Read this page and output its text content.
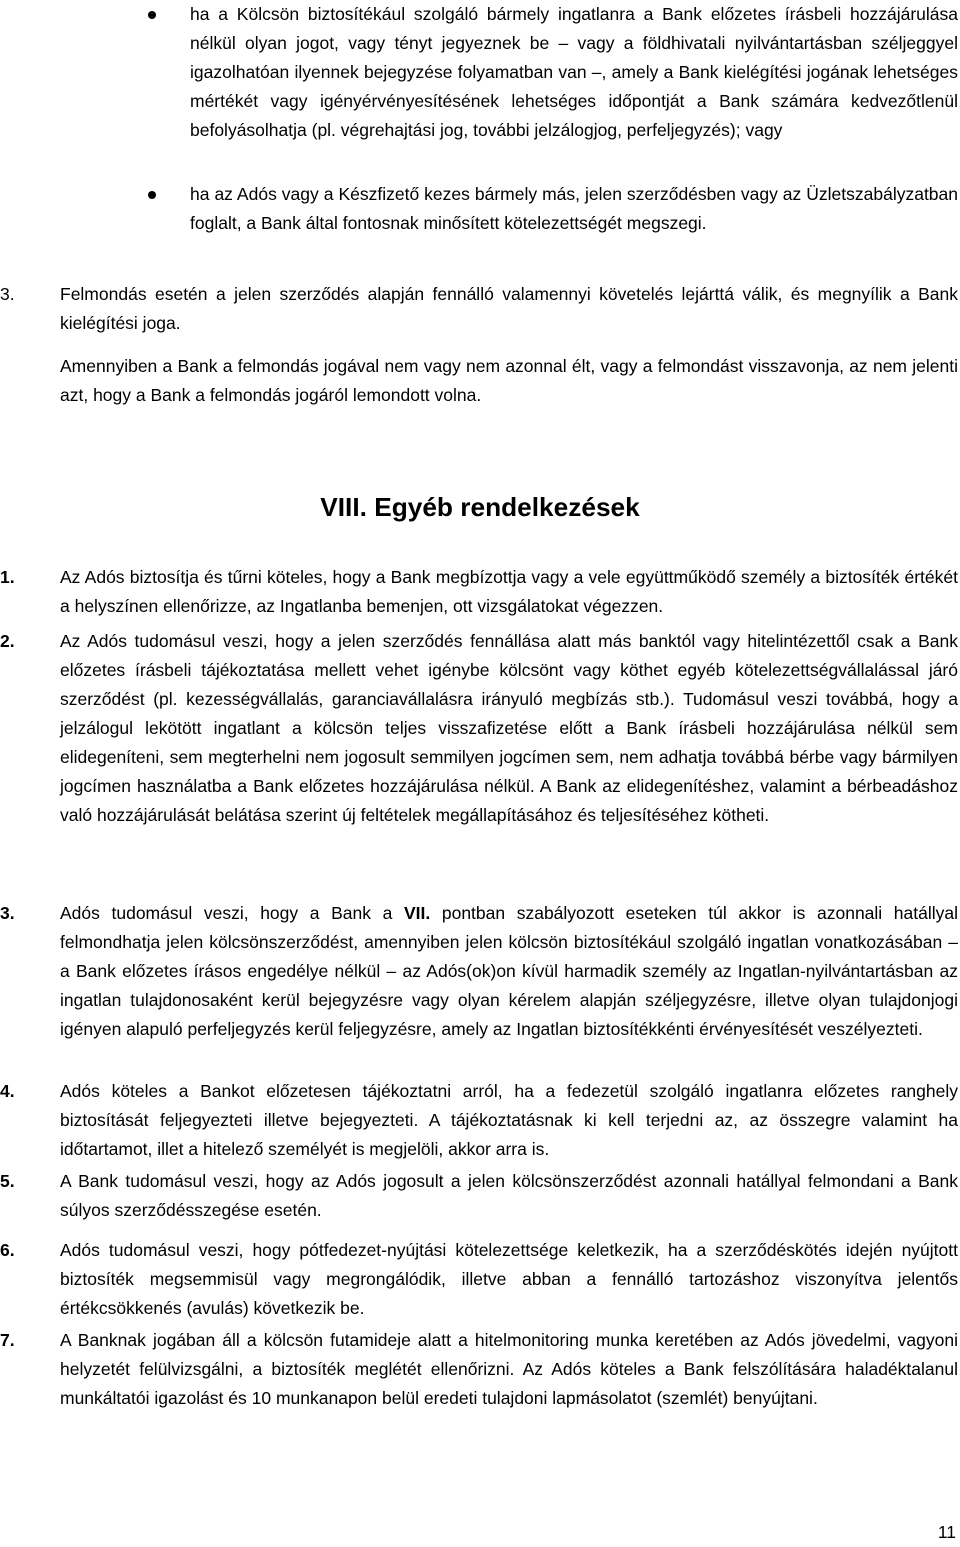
ha a Kölcsön biztosítékául szolgáló bármely ingatlanra a Bank előzetes írásbeli hozzájárulása nélkül olyan jogot, vagy tényt jegyeznek be – vagy a földhivatali nyilvántartásban széljeggyel igazolhatóan ilyennek bejegyzése folyamatban van –, amely a Bank kielégítési jogának lehetséges mértékét vagy igényérvényesítésének lehetséges időpontját a Bank számára kedvezőtlenül befolyásolhatja (pl. végrehajtási jog, további jelzálogjog, perfeljegyzés); vagy

ha az Adós vagy a Készfizető kezes bármely más, jelen szerződésben vagy az Üzletszabályzatban foglalt, a Bank által fontosnak minősített kötelezettségét megszegi.

3.	Felmondás esetén a jelen szerződés alapján fennálló valamennyi követelés lejárttá válik, és megnyílik a Bank kielégítési joga.

Amennyiben a Bank a felmondás jogával nem vagy nem azonnal élt, vagy a felmondást visszavonja, az nem jelenti azt, hogy a Bank a felmondás jogáról lemondott volna.

VIII. Egyéb rendelkezések
1.	Az Adós biztosítja és tűrni köteles, hogy a Bank megbízottja vagy a vele együttműködő személy a biztosíték értékét a helyszínen ellenőrizze, az Ingatlanba bemenjen, ott vizsgálatokat végezzen.

2.	Az Adós tudomásul veszi, hogy a jelen szerződés fennállása alatt más banktól vagy hitelintézettől csak a Bank előzetes írásbeli tájékoztatása mellett vehet igénybe kölcsönt vagy köthet egyéb kötelezettségvállalással járó szerződést (pl. kezességvállalás, garanciavállalásra irányuló megbízás stb.). Tudomásul veszi továbbá, hogy a jelzálogul lekötött ingatlant a kölcsön teljes visszafizetése előtt a Bank írásbeli hozzájárulása nélkül sem elidegeníteni, sem megterhelni nem jogosult semmilyen jogcímen sem, nem adhatja továbbá bérbe vagy bármilyen jogcímen használatba a Bank előzetes hozzájárulása nélkül. A Bank az elidegenítéshez, valamint a bérbeadáshoz való hozzájárulását belátása szerint új feltételek megállapításához és teljesítéséhez kötheti.

3.	Adós tudomásul veszi, hogy a Bank a VII. pontban szabályozott eseteken túl akkor is azonnali hatállyal felmondhatja jelen kölcsönszerződést, amennyiben jelen kölcsön biztosítékául szolgáló ingatlan vonatkozásában – a Bank előzetes írásos engedélye nélkül – az Adós(ok)on kívül harmadik személy az Ingatlan-nyilvántartásban az ingatlan tulajdonosaként kerül bejegyzésre vagy olyan kérelem alapján széljegyzésre, illetve olyan tulajdonjogi igényen alapuló perfeljegyzés kerül feljegyzésre, amely az Ingatlan biztosítékkénti érvényesítését veszélyezteti.

4.	Adós köteles a Bankot előzetesen tájékoztatni arról, ha a fedezetül szolgáló ingatlanra előzetes ranghely biztosítását feljegyezteti illetve bejegyezteti. A tájékoztatásnak ki kell terjedni az, az összegre valamint ha időtartamot, illet a hitelező személyét is megjelöli, akkor arra is.

5.	A Bank tudomásul veszi, hogy az Adós jogosult a jelen kölcsönszerződést azonnali hatállyal felmondani a Bank súlyos szerződésszegése esetén.

6.	Adós tudomásul veszi, hogy pótfedezet-nyújtási kötelezettsége keletkezik, ha a szerződéskötés idején nyújtott biztosíték megsemmisül vagy megrongálódik, illetve abban a fennálló tartozáshoz viszonyítva jelentős értékcsökkenés (avulás) következik be.

7.	A Banknak jogában áll a kölcsön futamideje alatt a hitelmonitoring munka keretében az Adós jövedelmi, vagyoni helyzetét felülvizsgálni, a biztosíték meglétét ellenőrizni. Az Adós köteles a Bank felszólítására haladéktalanul munkáltatói igazolást és 10 munkanapon belül eredeti tulajdoni lapmásolatot (szemlét) benyújtani.

11
